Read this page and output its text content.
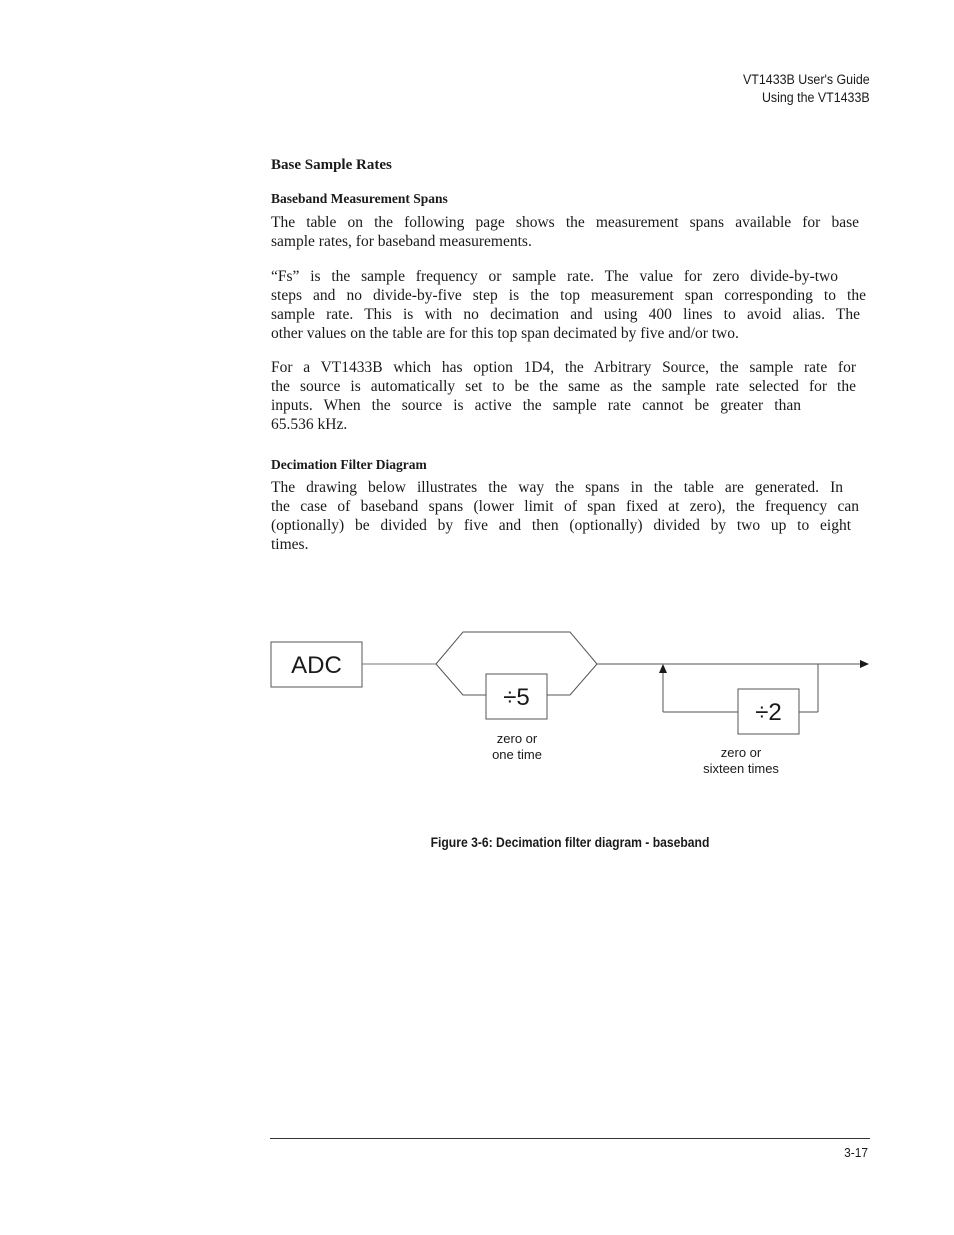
VT1433B User's Guide
Using the VT1433B
Base Sample Rates
Baseband Measurement Spans
The table on the following page shows the measurement spans available for base
sample rates, for baseband measurements.
“Fs” is the sample frequency or sample rate. The value for zero divide-by-two
steps and no divide-by-five step is the top measurement span corresponding to the
sample rate. This is with no decimation and using 400 lines to avoid alias. The
other values on the table are for this top span decimated by five and/or two.
For a VT1433B which has option 1D4, the Arbitrary Source, the sample rate for
the source is automatically set to be the same as the sample rate selected for the
inputs. When the source is active the sample rate cannot be greater than
65.536 kHz.
Decimation Filter Diagram
The drawing below illustrates the way the spans in the table are generated. In
the case of baseband spans (lower limit of span fixed at zero), the frequency can
(optionally) be divided by five and then (optionally) divided by two up to eight
times.
ADC
÷5
zero or
one time
÷2
zero or
sixteen times
Figure 3-6: Decimation filter diagram - baseband
3-17
